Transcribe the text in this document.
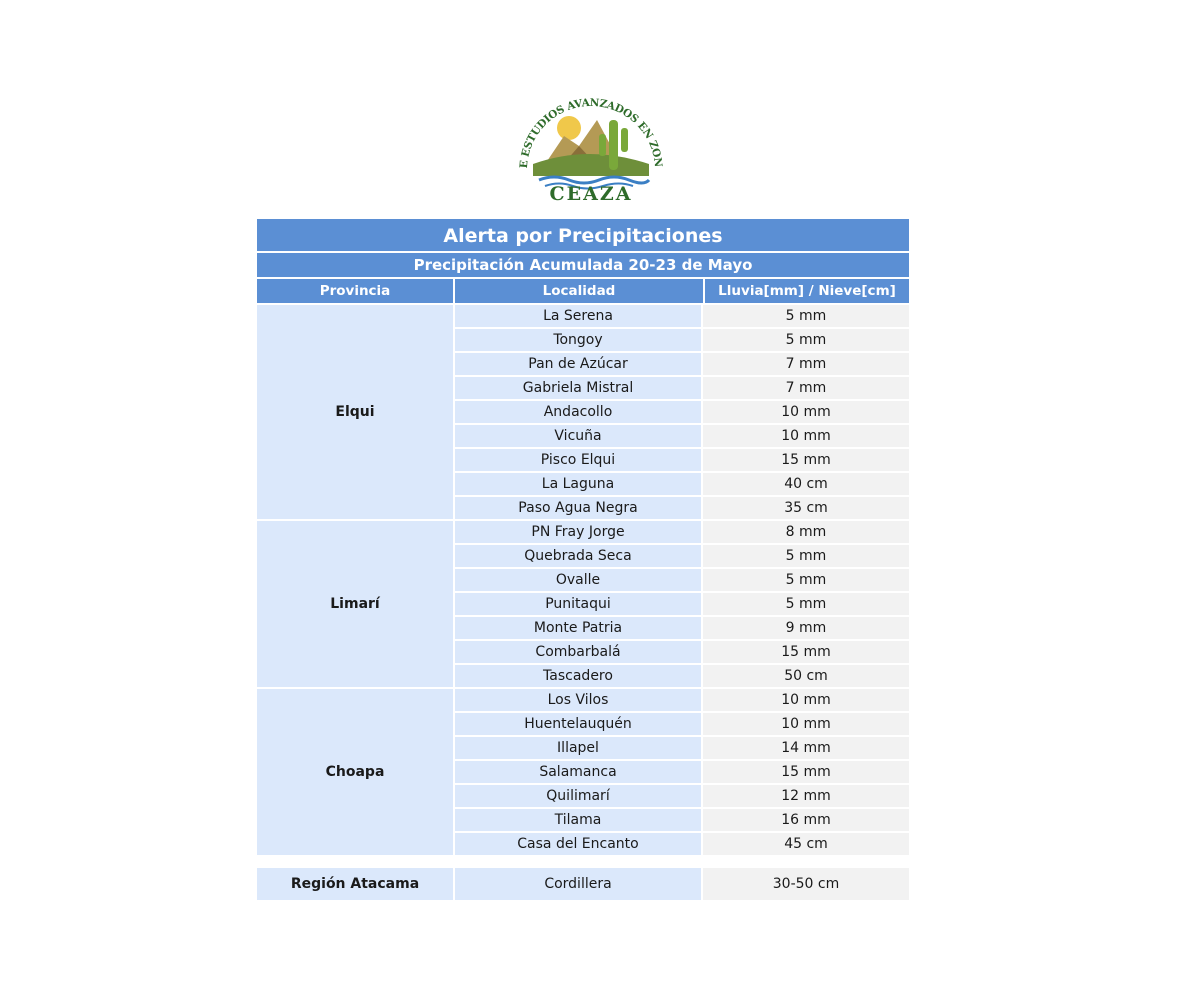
E ESTUDIOS AVANZADOS EN ZON
CEAZA
Alerta por Precipitaciones
Precipitación Acumulada 20-23 de Mayo
Provincia	Localidad	Lluvia[mm] / Nieve[cm]
Elqui
La Serena	5 mm
Tongoy	5 mm
Pan de Azúcar	7 mm
Gabriela Mistral	7 mm
Andacollo	10 mm
Vicuña	10 mm
Pisco Elqui	15 mm
La Laguna	40 cm
Paso Agua Negra	35 cm
Limarí
PN Fray Jorge	8 mm
Quebrada Seca	5 mm
Ovalle	5 mm
Punitaqui	5 mm
Monte Patria	9 mm
Combarbalá	15 mm
Tascadero	50 cm
Choapa
Los Vilos	10 mm
Huentelauquén	10 mm
Illapel	14 mm
Salamanca	15 mm
Quilimarí	12 mm
Tilama	16 mm
Casa del Encanto	45 cm
Región Atacama	Cordillera	30-50 cm
